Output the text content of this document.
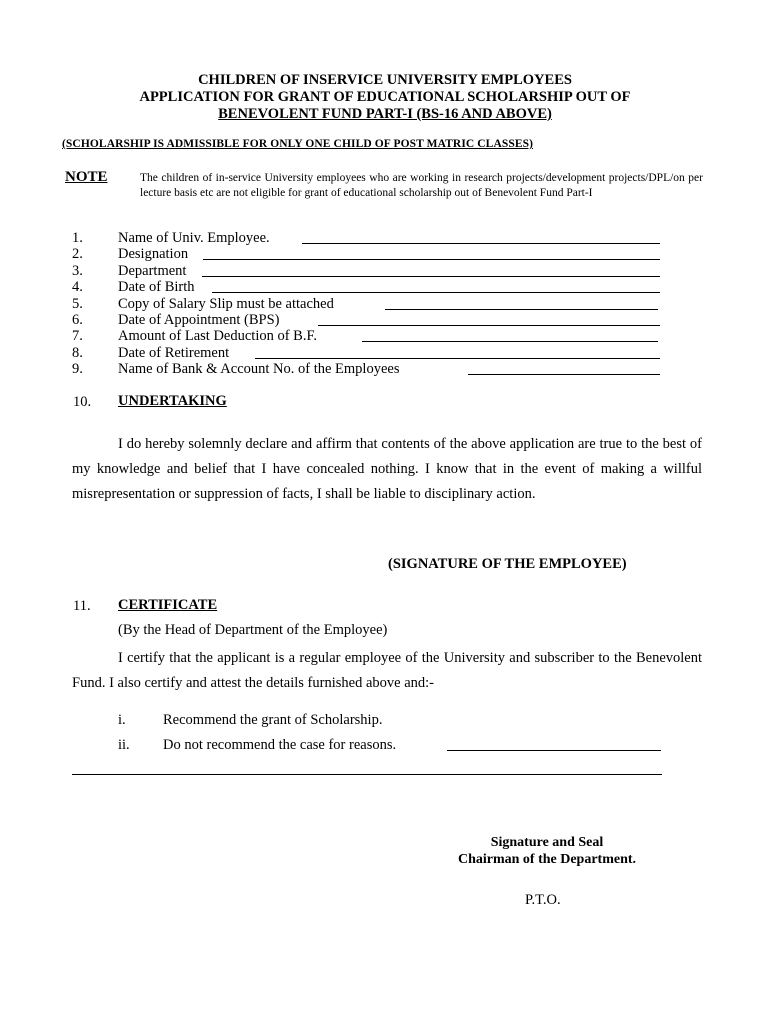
CHILDREN OF INSERVICE UNIVERSITY EMPLOYEES
APPLICATION FOR GRANT OF EDUCATIONAL SCHOLARSHIP OUT OF
BENEVOLENT FUND PART-I (BS-16 AND ABOVE)
(SCHOLARSHIP IS ADMISSIBLE FOR ONLY ONE CHILD OF POST MATRIC CLASSES)
NOTE	The children of in-service University employees who are working in research projects/development projects/DPL/on per lecture basis etc are not eligible for grant of educational scholarship out of Benevolent Fund Part-I
1. Name of Univ. Employee.
2. Designation
3. Department
4. Date of Birth
5. Copy of Salary Slip must be attached
6. Date of Appointment (BPS)
7. Amount of Last Deduction of B.F.
8. Date of Retirement
9. Name of Bank & Account No. of the Employees
10. UNDERTAKING
I do hereby solemnly declare and affirm that contents of the above application are true to the best of my knowledge and belief that I have concealed nothing. I know that in the event of making a willful misrepresentation or suppression of facts, I shall be liable to disciplinary action.
(SIGNATURE OF THE EMPLOYEE)
11. CERTIFICATE
(By the Head of Department of the Employee)
I certify that the applicant is a regular employee of the University and subscriber to the Benevolent Fund. I also certify and attest the details furnished above and:-
i.	Recommend the grant of Scholarship.
ii. Do not recommend the case for reasons.
Signature and Seal
Chairman of the Department.
P.T.O.
